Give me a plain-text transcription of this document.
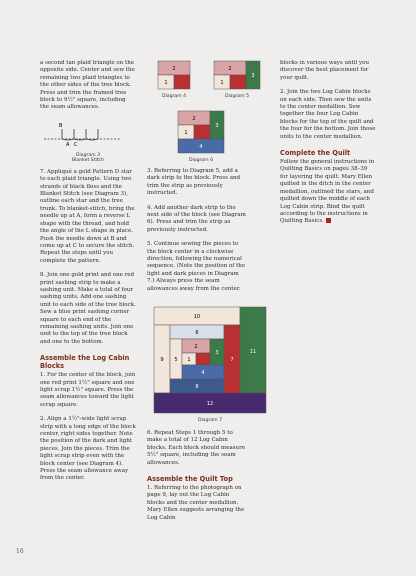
a second tan plaid triangle on the opposite side. Center and sew the remaining two plaid triangles to the other sides of the tree block. Press and trim the framed tree block to 9½" square, including the seam allowances.

B
A C
Diagram 3
Blanket Stitch

7. Appliqué a gold Pattern D star to each plaid triangle. Using two strands of black floss and the Blanket Stitch (see Diagram 3), outline each star and the tree trunk. To blanket-stitch, bring the needle up at A, form a reverse L shape with the thread, and hold the angle of the L shape in place. Push the needle down at B and come up at C to secure the stitch. Repeat the steps until you complete the pattern.

8. Join one gold print and one red print sashing strip to make a sashing unit. Make a total of four sashing units. Add one sashing unit to each side of the tree block. Sew a blue print sashing corner square to each end of the remaining sashing units. Join one unit to the top of the tree block and one to the bottom.

Assemble the Log Cabin Blocks

1. For the center of the block, join one red print 1½" square and one light scrap 1½" square. Press the seam allowances toward the light scrap square.

2. Align a 1½"-wide light scrap strip with a long edge of the block center, right sides together. Note the position of the dark and light pieces. Join the pieces. Trim the light scrap strip even with the block center (see Diagram 4). Press the seam allowance away from the center.

2
1
Diagram 4
2
1
3
Diagram 5
2
1
3
4
Diagram 6

3. Referring to Diagram 5, add a dark strip to the block. Press and trim the strip as previously instructed.

4. Add another dark strip to the next side of the block (see Diagram 6). Press and trim the strip as previously instructed.

5. Continue sewing the pieces to the block center in a clockwise direction, following the numerical sequence. (Note the position of the light and dark pieces in Diagram 7.) Always press the seam allowances away from the center.

10
6
2
9 5 1
3
7
11
4
8
12
Diagram 7

6. Repeat Steps 1 through 5 to make a total of 12 Log Cabin blocks. Each block should measure 5½" square, including the seam allowances.

Assemble the Quilt Top

1. Referring to the photograph on page 9, lay out the Log Cabin blocks and the center medallion. Mary Ellen suggests arranging the Log Cabin

blocks in various ways until you discover the best placement for your quilt.

2. Join the two Log Cabin blocks on each side. Then sew the units to the center medallion. Sew together the four Log Cabin blocks for the top of the quilt and the four for the bottom. Join those units to the center medallion.

Complete the Quilt

Follow the general instructions in Quilting Basics on pages 38–39 for layering the quilt. Mary Ellen quilted in the ditch in the center medallion, outlined the stars, and quilted down the middle of each Log Cabin strip. Bind the quilt according to the instructions in Quilting Basics.

16
